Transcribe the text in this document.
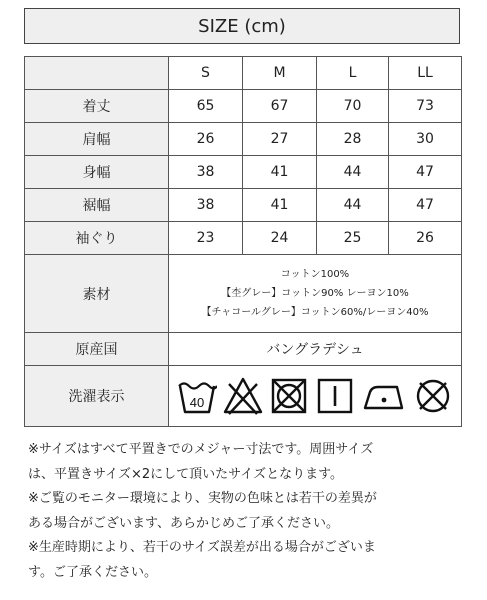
SIZE (cm)
	S	M	L	LL
着丈	65	67	70	73
肩幅	26	27	28	30
身幅	38	41	44	47
裾幅	38	41	44	47
袖ぐり	23	24	25	26
素材	コットン100%
【杢グレー】コットン90% レーヨン10%
【チャコールグレー】コットン60%/レーヨン40%			

原産国	バングラデシュ			
洗濯表示	40			

※サイズはすべて平置きでのメジャー寸法です。周囲サイズ

は、平置きサイズ×2にして頂いたサイズとなります。

※ご覧のモニター環境により、実物の色味とは若干の差異が

ある場合がございます、あらかじめご了承ください。

※生産時期により、若干のサイズ誤差が出る場合がございま

す。ご了承ください。
